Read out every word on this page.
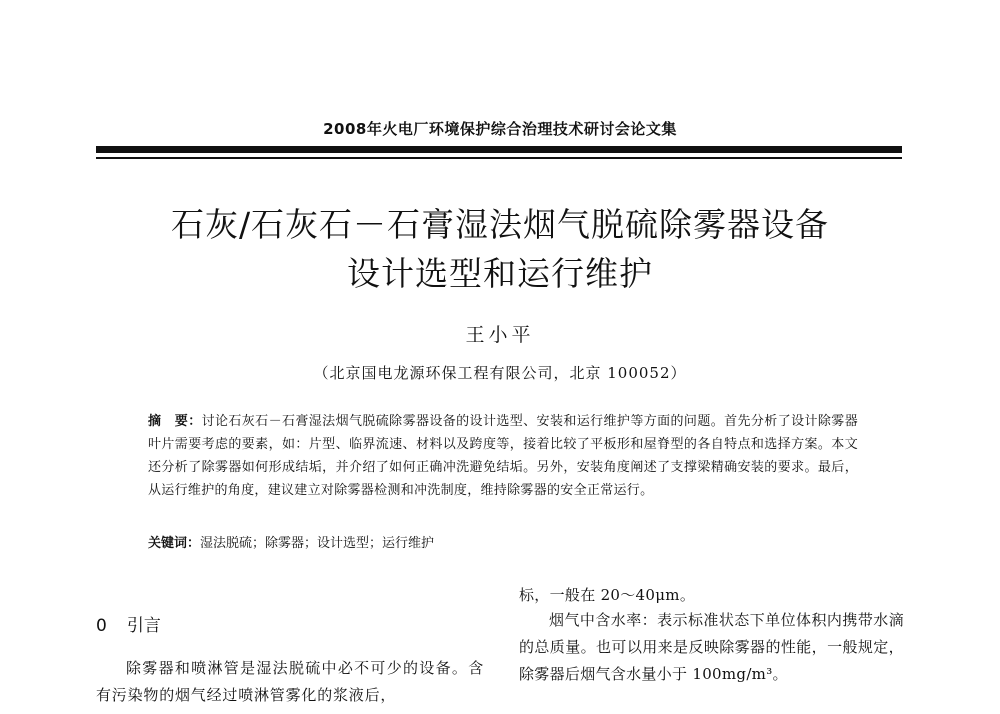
2008年火电厂环境保护综合治理技术研讨会论文集
石灰/石灰石－石膏湿法烟气脱硫除雾器设备
设计选型和运行维护
王小平
（北京国电龙源环保工程有限公司，北京 100052）
摘　要：讨论石灰石－石膏湿法烟气脱硫除雾器设备的设计选型、安装和运行维护等方面的问题。首先分析了设计除雾器叶片需要考虑的要素，如：片型、临界流速、材料以及跨度等，接着比较了平板形和屋脊型的各自特点和选择方案。本文还分析了除雾器如何形成结垢，并介绍了如何正确冲洗避免结垢。另外，安装角度阐述了支撑梁精确安装的要求。最后，从运行维护的角度，建议建立对除雾器检测和冲洗制度，维持除雾器的安全正常运行。
关键词：湿法脱硫；除雾器；设计选型；运行维护
0 引言
除雾器和喷淋管是湿法脱硫中必不可少的设备。含有污染物的烟气经过喷淋管雾化的浆液后，
标，一般在 20～40μm。
烟气中含水率：表示标准状态下单位体积内携带水滴的总质量。也可以用来是反映除雾器的性能，一般规定，除雾器后烟气含水量小于 100mg/m³。
